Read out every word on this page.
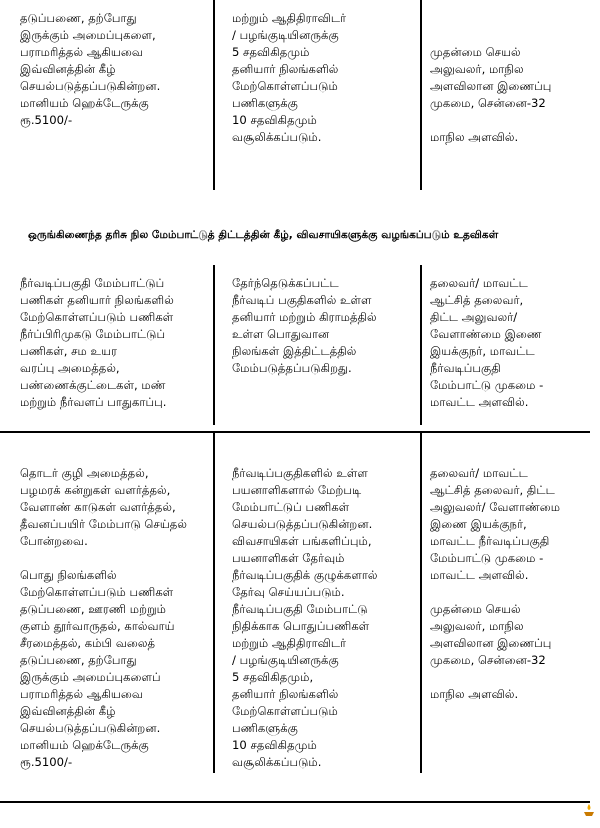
தடுப்பணை, தற்போது
இருக்கும் அமைப்புகளை,
பராமரித்தல் ஆகியவை
இவ்வினத்தின் கீழ்
செயல்படுத்தப்படுகின்றன.
மானியம் ஹெக்டேருக்கு
ரூ.5100/-

மற்றும் ஆதிதிராவிடர்
/ பழங்குடியினருக்கு
5 சதவிகிதமும்
தனியார் நிலங்களில்
மேற்கொள்ளப்படும்
பணிகளுக்கு
10 சதவிகிதமும்
வசூலிக்கப்படும்.

முதன்மை செயல்
அலுவலர், மாநில
அளவிலான இணைப்பு
முகமை, சென்னை-32

மாநில அளவில்.

ஒருங்கிணைந்த தரிசு நில மேம்பாட்டுத் திட்டத்தின் கீழ், விவசாயிகளுக்கு வழங்கப்படும் உதவிகள்

நீர்வடிப்பகுதி மேம்பாட்டுப்
பணிகள் தனியார் நிலங்களில்
மேற்கொள்ளப்படும் பணிகள்
நீர்ப்பிரிமுகடு மேம்பாட்டுப்
பணிகள், சம உயர
வரப்பு அமைத்தல்,
பண்ணைக்குட்டைகள், மண்
மற்றும் நீர்வளப் பாதுகாப்பு.

தேர்ந்தெடுக்கப்பட்ட
நீர்வடிப் பகுதிகளில் உள்ள
தனியார் மற்றும் கிராமத்தில்
உள்ள பொதுவான
நிலங்கள் இத்திட்டத்தில்
மேம்படுத்தப்படுகிறது.

தலைவர்/ மாவட்ட
ஆட்சித் தலைவர்,
திட்ட அலுவலர்/
வேளாண்மை இணை
இயக்குநர், மாவட்ட
நீர்வடிப்பகுதி
மேம்பாட்டு முகமை -
மாவட்ட அளவில்.

தொடர் குழி அமைத்தல்,
பழமரக் கன்றுகள் வளர்த்தல்,
வேளாண் காடுகள் வளர்த்தல்,
தீவனப்பயிர் மேம்பாடு செய்தல்
போன்றவை.

பொது நிலங்களில்
மேற்கொள்ளப்படும் பணிகள்
தடுப்பணை, ஊரணி மற்றும்
குளம் தூர்வாருதல், கால்வாய்
சீரமைத்தல், கம்பி வலைத்
தடுப்பணை, தற்போது
இருக்கும் அமைப்புகளைப்
பராமரித்தல் ஆகியவை
இவ்வினத்தின் கீழ்
செயல்படுத்தப்படுகின்றன.
மானியம் ஹெக்டேருக்கு
ரூ.5100/-

நீர்வடிப்பகுதிகளில் உள்ள
பயனாளிகளால் மேற்படி
மேம்பாட்டுப் பணிகள்
செயல்படுத்தப்படுகின்றன.
விவசாயிகள் பங்களிப்பும்,
பயனாளிகள் தேர்வும்
நீர்வடிப்பகுதிக் குழுக்களால்
தேர்வு செய்யப்படும்.
நீர்வடிப்பகுதி மேம்பாட்டு
நிதிக்காக பொதுப்பணிகள்
மற்றும் ஆதிதிராவிடர்
/ பழங்குடியினருக்கு
5 சதவிகிதமும்,
தனியார் நிலங்களில்
மேற்கொள்ளப்படும்
பணிகளுக்கு
10 சதவிகிதமும்
வசூலிக்கப்படும்.

தலைவர்/ மாவட்ட
ஆட்சித் தலைவர், திட்ட
அலுவலர்/ வேளாண்மை
இணை இயக்குநர்,
மாவட்ட நீர்வடிப்பகுதி
மேம்பாட்டு முகமை -
மாவட்ட அளவில்.

முதன்மை செயல்
அலுவலர், மாநில
அளவிலான இணைப்பு
முகமை, சென்னை-32

மாநில அளவில்.
